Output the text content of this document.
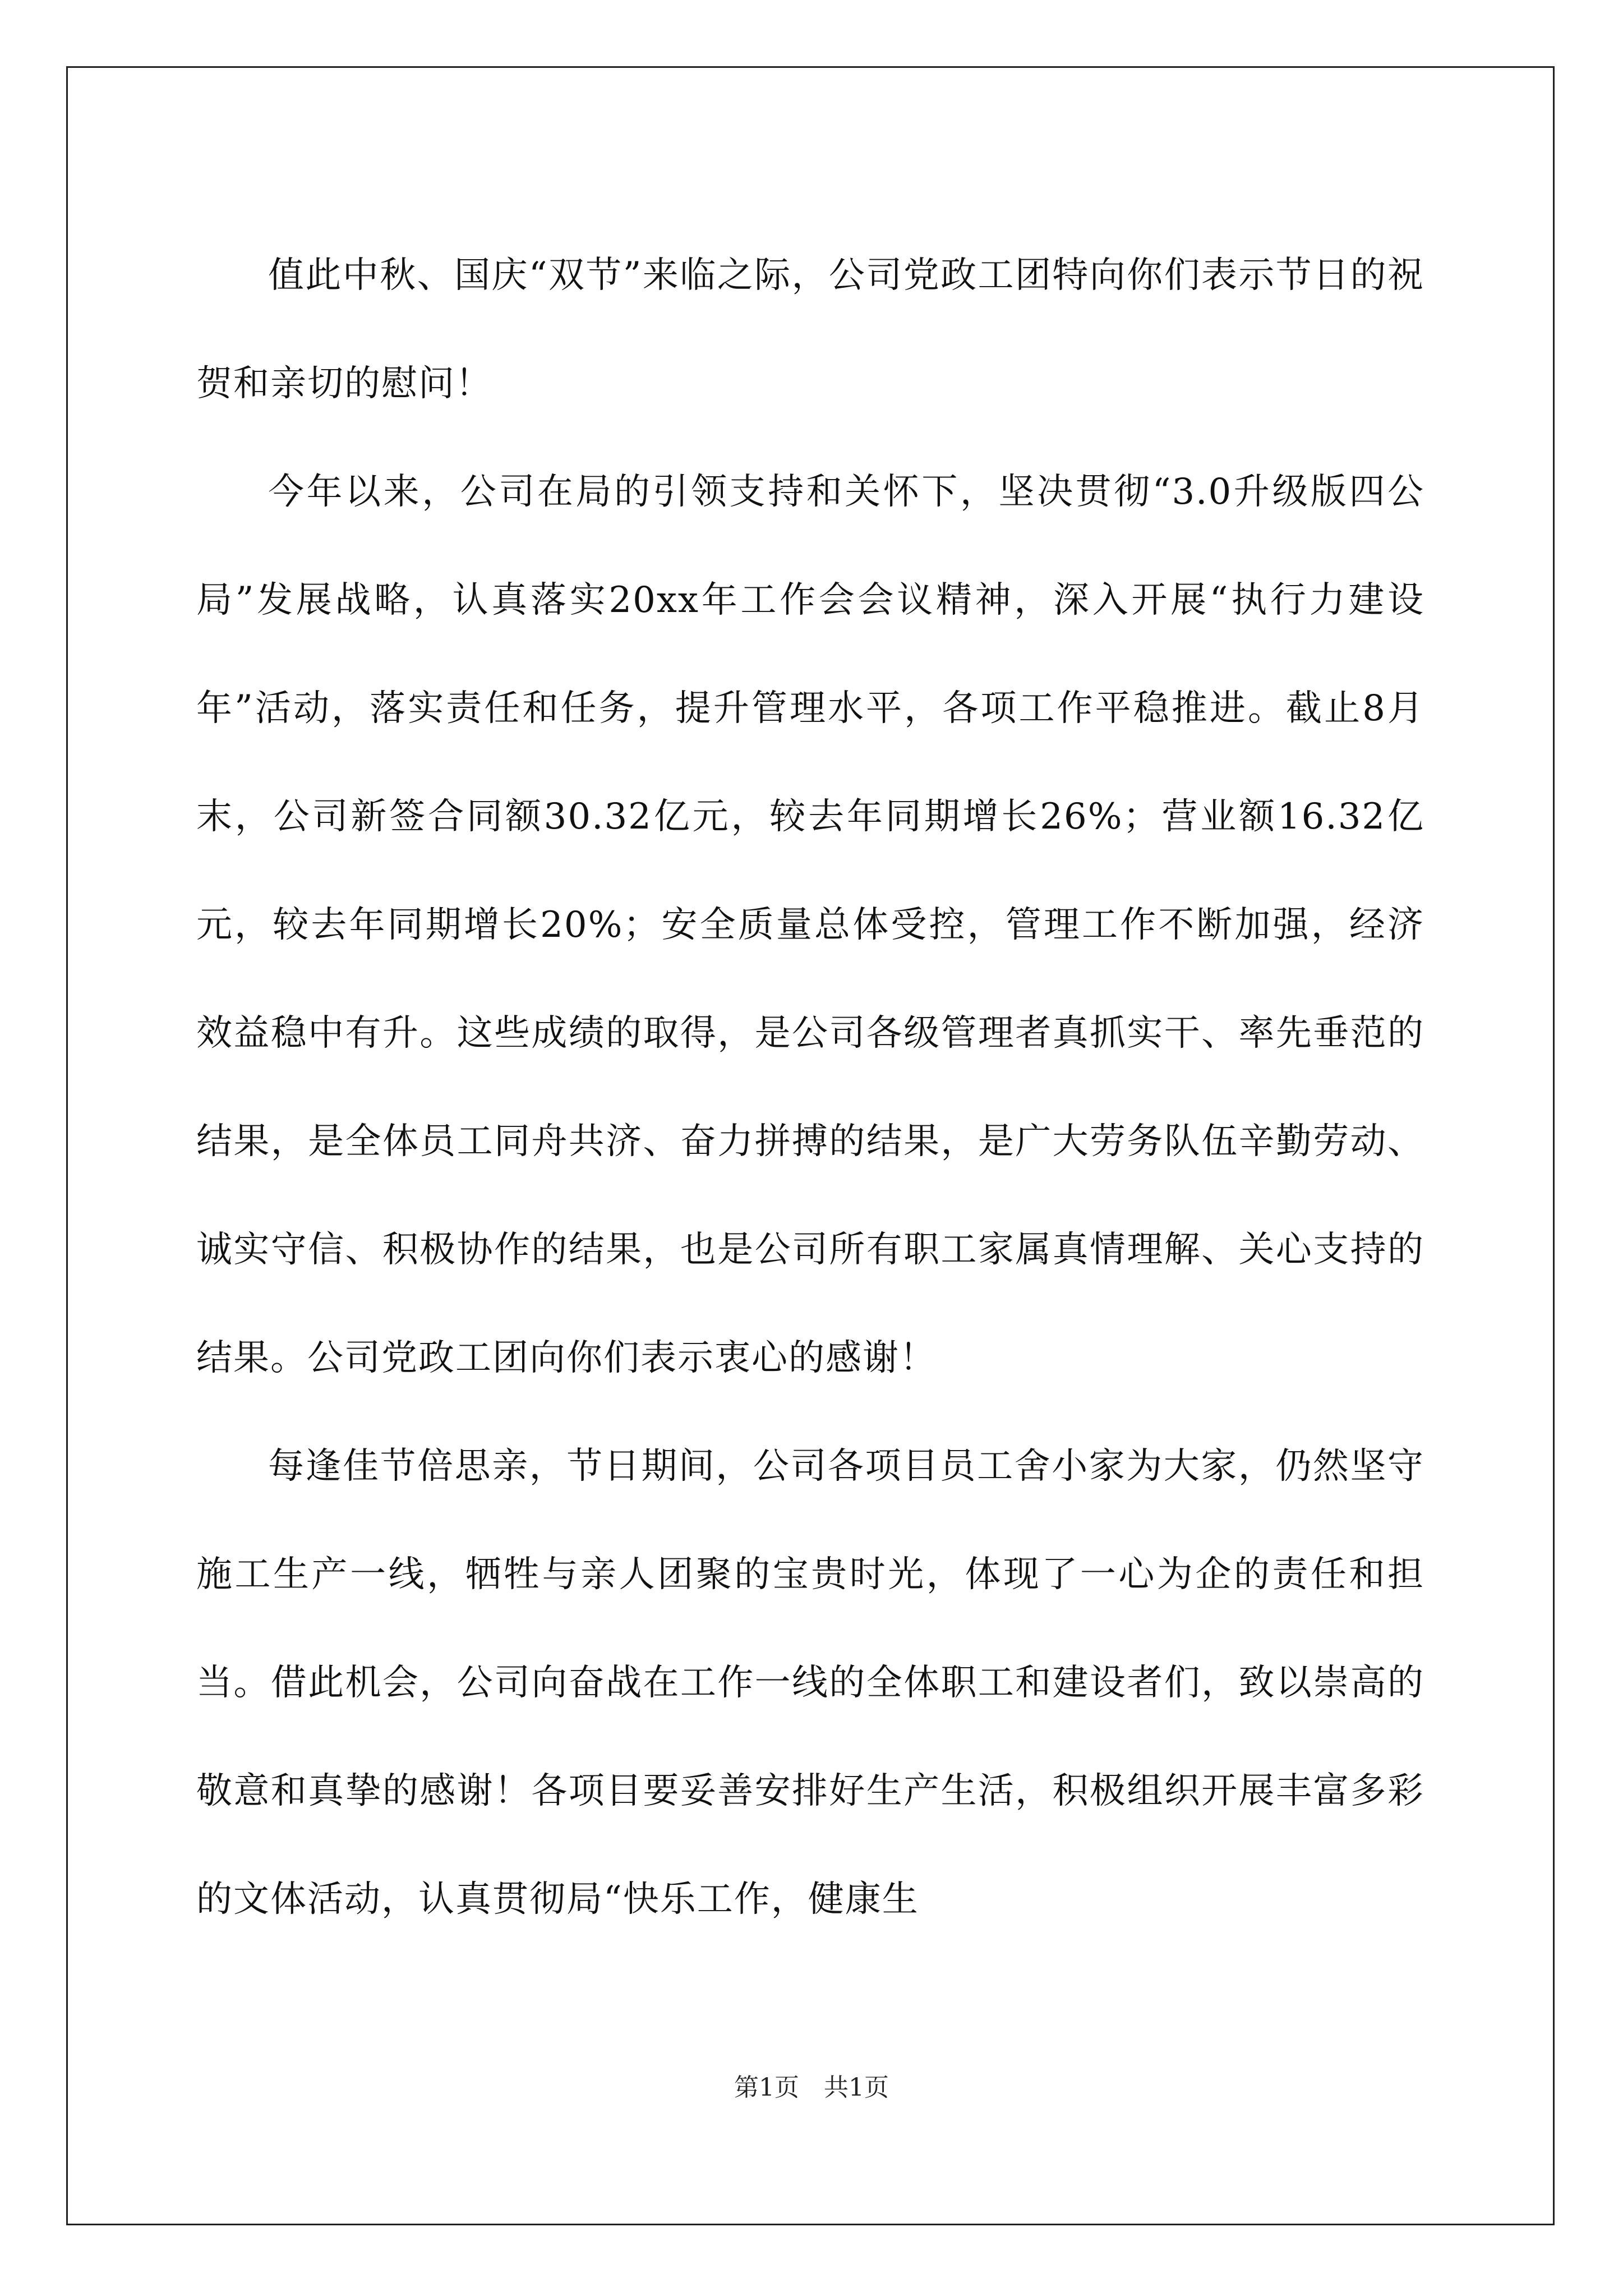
值此中秋、国庆“双节”来临之际，公司党政工团特向你们表示节日的祝贺和亲切的慰问！

今年以来，公司在局的引领支持和关怀下，坚决贯彻“3.0升级版四公局”发展战略，认真落实20xx年工作会会议精神，深入开展“执行力建设年”活动，落实责任和任务，提升管理水平，各项工作平稳推进。截止8月末，公司新签合同额30.32亿元，较去年同期增长26%；营业额16.32亿元，较去年同期增长20%；安全质量总体受控，管理工作不断加强，经济效益稳中有升。这些成绩的取得，是公司各级管理者真抓实干、率先垂范的结果，是全体员工同舟共济、奋力拼搏的结果，是广大劳务队伍辛勤劳动、诚实守信、积极协作的结果，也是公司所有职工家属真情理解、关心支持的结果。公司党政工团向你们表示衷心的感谢！

每逢佳节倍思亲，节日期间，公司各项目员工舍小家为大家，仍然坚守施工生产一线，牺牲与亲人团聚的宝贵时光，体现了一心为企的责任和担当。借此机会，公司向奋战在工作一线的全体职工和建设者们，致以崇高的敬意和真挚的感谢！各项目要妥善安排好生产生活，积极组织开展丰富多彩的文体活动，认真贯彻局“快乐工作，健康生

第1页 共1页
